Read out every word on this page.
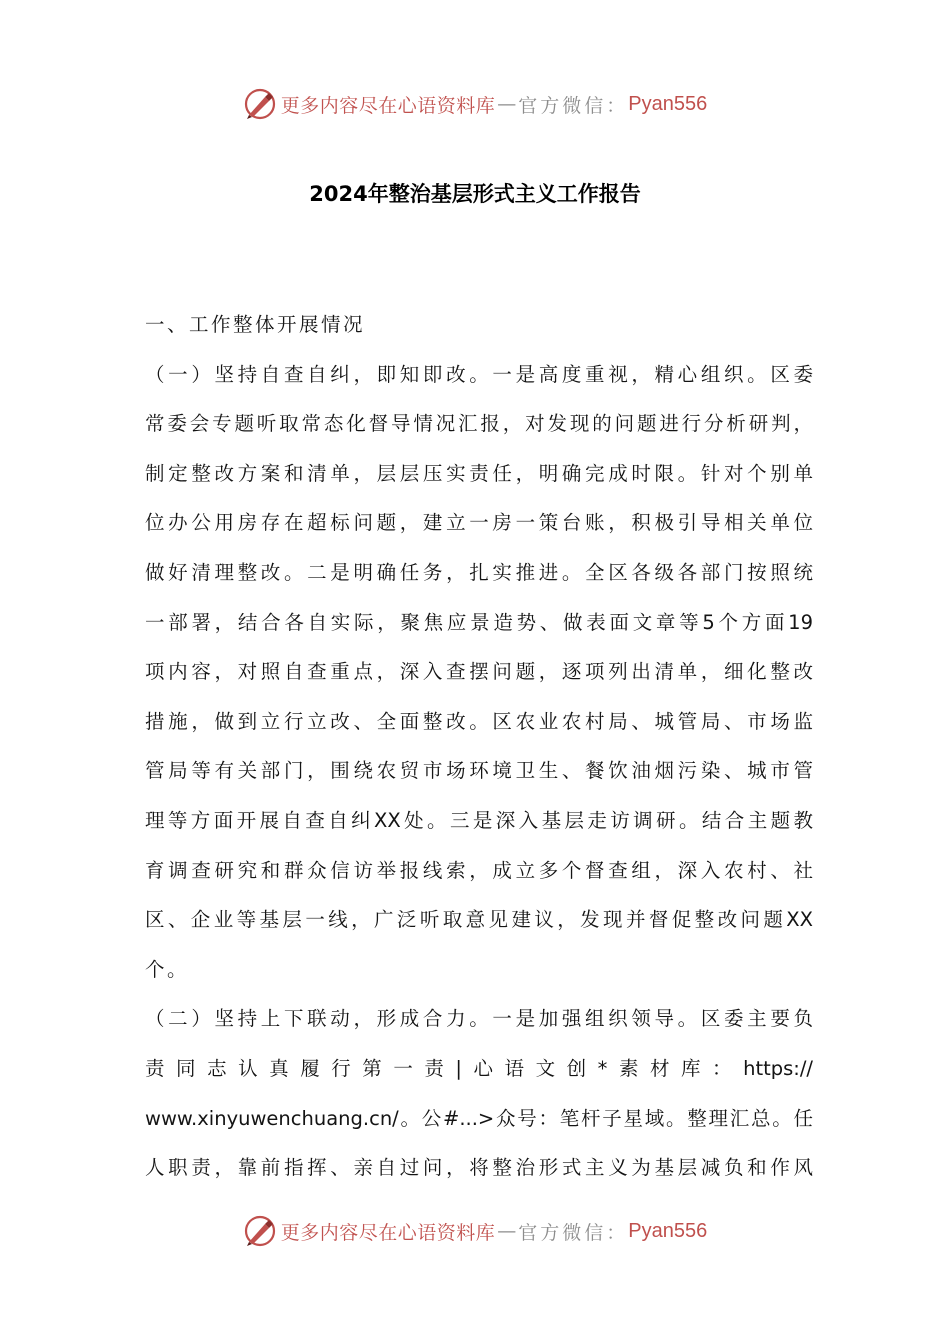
更多内容尽在心语资料库 — 官方微信： Pyan556
2024年整治基层形式主义工作报告
一、工作整体开展情况
（一）坚持自查自纠，即知即改。一是高度重视，精心组织。区委
常委会专题听取常态化督导情况汇报，对发现的问题进行分析研判，
制定整改方案和清单，层层压实责任，明确完成时限。针对个别单
位办公用房存在超标问题，建立一房一策台账，积极引导相关单位
做好清理整改。二是明确任务，扎实推进。全区各级各部门按照统
一部署，结合各自实际，聚焦应景造势、做表面文章等5个方面19
项内容，对照自查重点，深入查摆问题，逐项列出清单，细化整改
措施，做到立行立改、全面整改。区农业农村局、城管局、市场监
管局等有关部门，围绕农贸市场环境卫生、餐饮油烟污染、城市管
理等方面开展自查自纠XX处。三是深入基层走访调研。结合主题教
育调查研究和群众信访举报线索，成立多个督查组，深入农村、社
区、企业等基层一线，广泛听取意见建议，发现并督促整改问题XX
个。
（二）坚持上下联动，形成合力。一是加强组织领导。区委主要负
责同志认真履行第一责|心语文创*素材库：https://
www.xinyuwenchuang.cn/。公#...>众号：笔杆子星域。整理汇总。任
人职责，靠前指挥、亲自过问，将整治形式主义为基层减负和作风
更多内容尽在心语资料库 — 官方微信： Pyan556
